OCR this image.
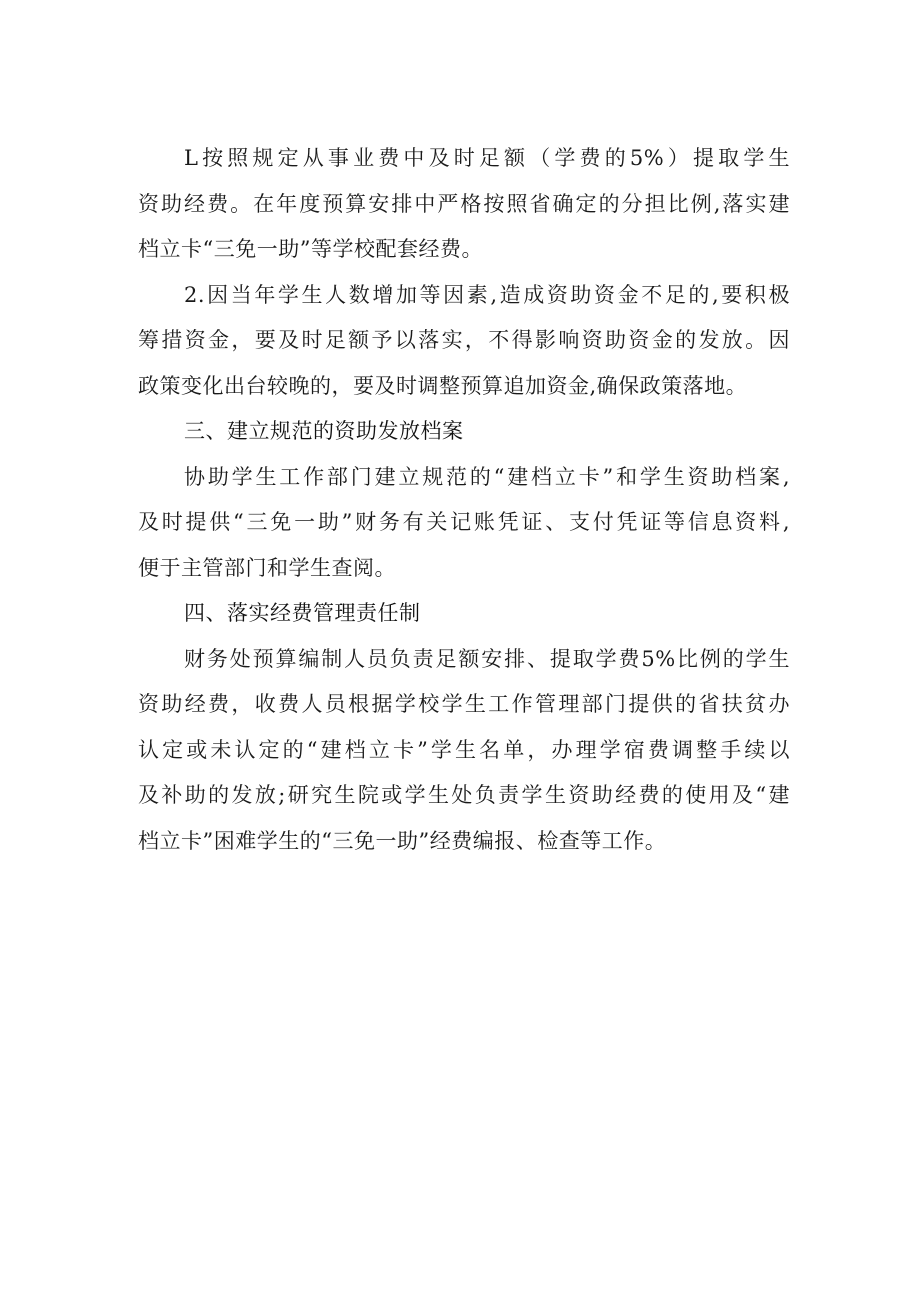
L按照规定从事业费中及时足额（学费的5%）提取学生
资助经费。在年度预算安排中严格按照省确定的分担比例,落实建
档立卡“三免一助”等学校配套经费。
2.因当年学生人数增加等因素,造成资助资金不足的,要积极
筹措资金，要及时足额予以落实，不得影响资助资金的发放。因
政策变化出台较晚的，要及时调整预算追加资金,确保政策落地。
三、建立规范的资助发放档案
协助学生工作部门建立规范的“建档立卡”和学生资助档案,
及时提供“三免一助”财务有关记账凭证、支付凭证等信息资料,
便于主管部门和学生查阅。
四、落实经费管理责任制
财务处预算编制人员负责足额安排、提取学费5%比例的学生
资助经费，收费人员根据学校学生工作管理部门提供的省扶贫办
认定或未认定的“建档立卡”学生名单，办理学宿费调整手续以
及补助的发放;研究生院或学生处负责学生资助经费的使用及“建
档立卡”困难学生的“三免一助”经费编报、检查等工作。
